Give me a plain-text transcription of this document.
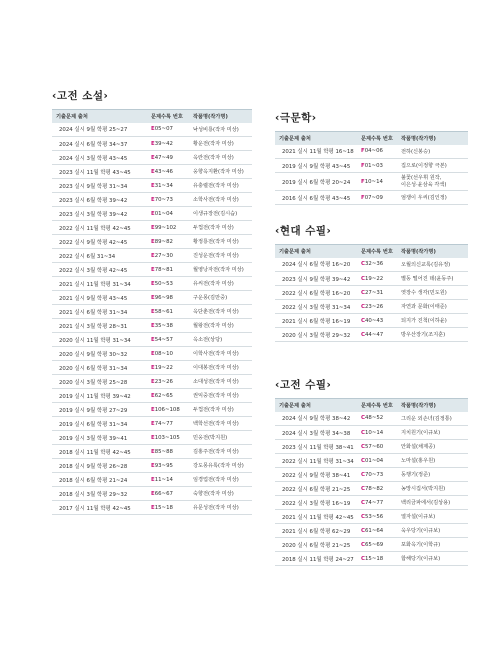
‹고전 소설›
기출문제 출처	문제수록 번호	작품명(작가명)
2024 실시 9월 학평 25~27	E05~07	낙성비룡(작자 미상)
2024 실시 6월 학평 34~37	E39~42	황운전(작자 미상)
2024 실시 3월 학평 43~45	E47~49	옥란전(작자 미상)
2023 실시 11월 학평 43~45	E43~46	옹향옥지환(작자 미상)
2023 실시 9월 학평 31~34	E31~34	유충렬전(작자 미상)
2023 실시 6월 학평 39~42	E70~73	소학사전(작자 미상)
2023 실시 3월 학평 39~42	E01~04	이생규장전(김시습)
2022 실시 11월 학평 42~45	E99~102	두껍전(작자 미상)
2022 실시 9월 학평 42~45	E89~82	황정룡전(작자 미상)
2022 실시 6월 31~34	E27~30	진성운전(작자 미상)
2022 실시 3월 학평 42~45	E78~81	월영낭자전(작자 미상)
2021 실시 11월 학평 31~34	E50~53	유씨전(작자 미상)
2021 실시 9월 학평 43~45	E96~98	구운몽(김만중)
2021 실시 6월 학평 31~34	E58~61	옥단춘전(작자 미상)
2021 실시 3월 학평 28~31	E35~38	월왕전(작자 미상)
2020 실시 11월 학평 31~34	E54~57	옥소전(상당)
2020 실시 9월 학평 30~32	E08~10	이학사전(작자 미상)
2020 실시 6월 학평 31~34	E19~22	이대봉전(작자 미상)
2020 실시 3월 학평 25~28	E23~26	소대성전(작자 미상)
2019 실시 11월 학평 39~42	E62~65	권익중전(작자 미상)
2019 실시 9월 학평 27~29	E106~108	두껍전(작자 미상)
2019 실시 6월 학평 31~34	E74~77	백학선전(작자 미상)
2019 실시 3월 학평 39~41	E103~105	민옹전(박지원)
2018 실시 11월 학평 42~45	E85~88	김홍주전(작자 미상)
2018 실시 9월 학평 26~28	E93~95	강도몽유록(작자 미상)
2018 실시 6월 학평 21~24	E11~14	임경업전(작자 미상)
2018 실시 3월 학평 29~32	E66~67	숙향전(작자 미상)
2017 실시 11월 학평 42~45	E15~18	유문성전(작자 미상)
‹극문학›
기출문제 출처	문제수록 번호	작품명(작가명)
2021 실시 11월 학평 16~18	F04~06	전하(신봉승)
2019 실시 9월 학평 43~45	F01~03	집으로(이정향 극본)
2019 실시 6월 학평 20~24	F10~14	불꽃(선우휘 원작,
이은성·윤삼육 각색)

2016 실시 6월 학평 43~45	F07~09	엄쟁이 우씨(김인정)
‹현대 수필›
기출문제 출처	문제수록 번호	작품명(작가명)
2024 실시 6월 학평 16~20	C32~36	오월의신교록(김유정)
2023 실시 9월 학평 39~42	C19~22	별동 떨어진 데(윤동주)
2022 실시 6월 학평 16~20	C27~31	엿장수 생각(민도원)
2022 실시 3월 학평 31~34	C23~26	자연과 문화(이태준)
2021 실시 6월 학평 16~19	C40~43	되지가 진척(이하윤)
2020 실시 3월 학평 29~32	C44~47	방우산장기(조지훈)
‹고전 수필›
기출문제 출처	문제수록 번호	작품명(작가명)
2024 실시 9월 학평 38~42	C48~52	그리운 외손녀(김정통)
2024 실시 3월 학평 34~38	C10~14	지치원기(이규보)
2023 실시 11월 학평 38~41	C57~60	안화설(채제공)
2022 실시 11월 학평 31~34	C01~04	노마설(홍우원)
2022 실시 9월 학평 38~41	C70~73	동행기(정준)
2022 실시 6월 학평 21~25	C78~82	농망시집서(박지원)
2022 실시 3월 학평 16~19	C74~77	백리금파에서(김상용)
2021 실시 11월 학평 42~45	C53~56	열자설(이규보)
2021 실시 6월 학평 62~29	C61~64	욱우당기(이규보)
2020 실시 6월 학평 21~25	C65~69	포화옥기(이학규)
2018 실시 11월 학평 24~27	C15~18	합해당기(이규보)
